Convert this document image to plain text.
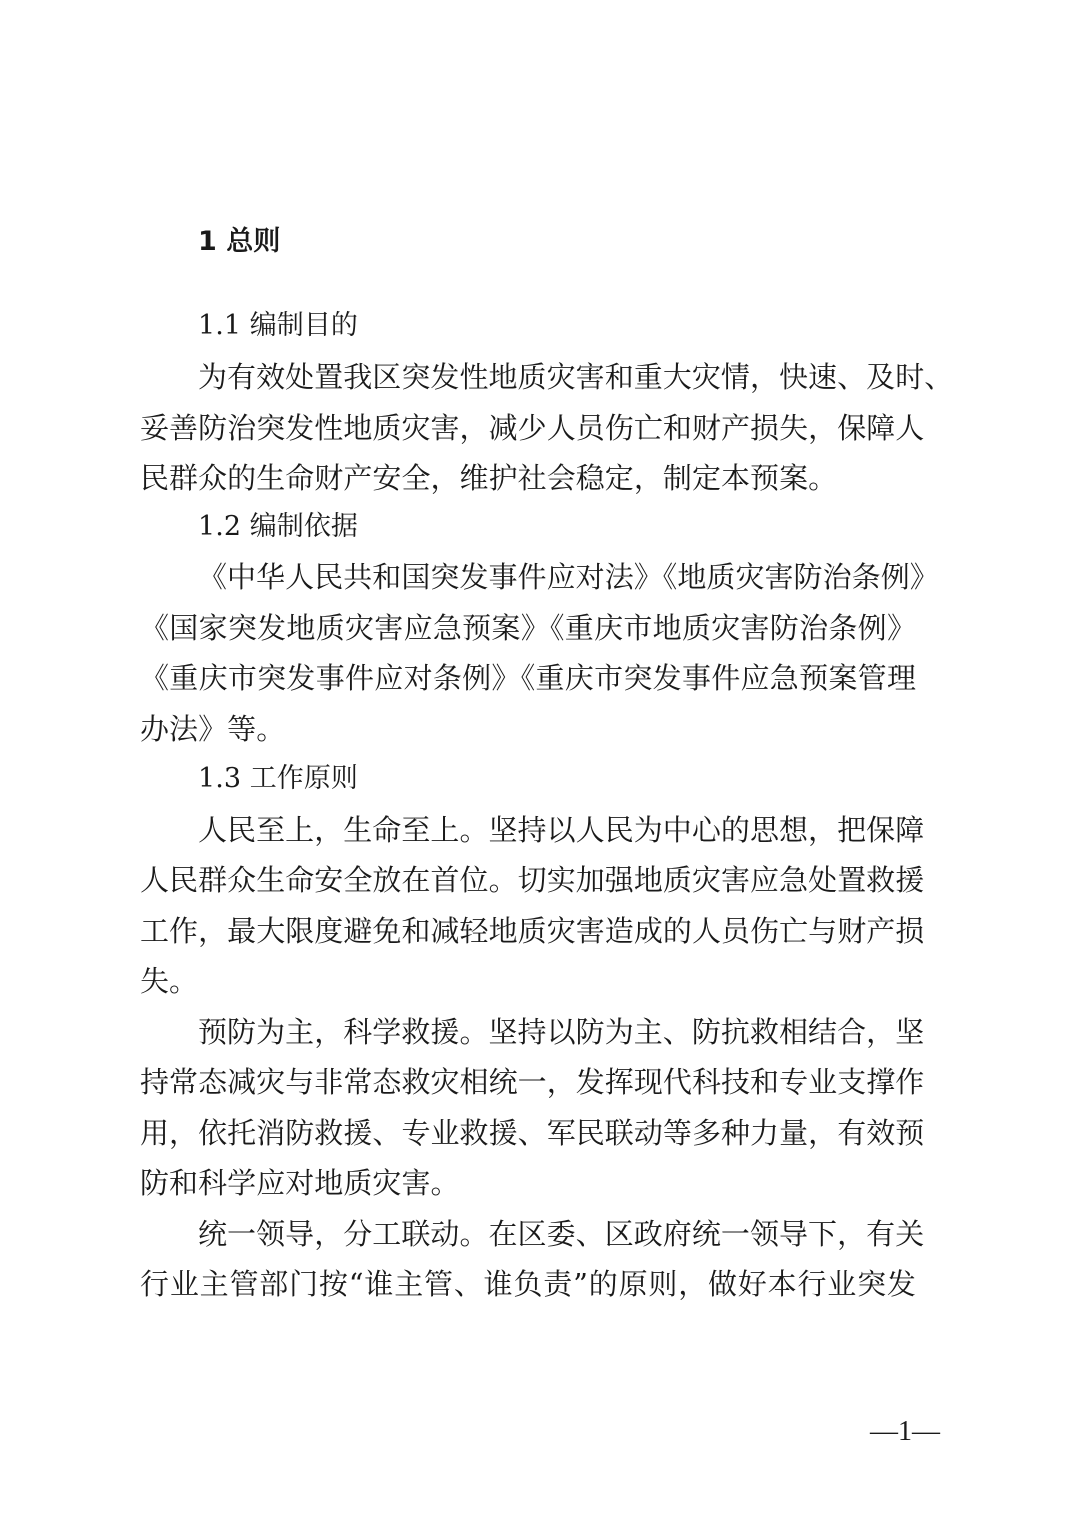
1 总则
1.1 编制目的
为有效处置我区突发性地质灾害和重大灾情，快速、及时、
妥善防治突发性地质灾害，减少人员伤亡和财产损失，保障人
民群众的生命财产安全，维护社会稳定，制定本预案。
1.2 编制依据
《中华人民共和国突发事件应对法》《地质灾害防治条例》
《国家突发地质灾害应急预案》《重庆市地质灾害防治条例》
《重庆市突发事件应对条例》《重庆市突发事件应急预案管理
办法》等。
1.3 工作原则
人民至上，生命至上。坚持以人民为中心的思想，把保障
人民群众生命安全放在首位。切实加强地质灾害应急处置救援
工作，最大限度避免和减轻地质灾害造成的人员伤亡与财产损
失。
预防为主，科学救援。坚持以防为主、防抗救相结合，坚
持常态减灾与非常态救灾相统一，发挥现代科技和专业支撑作
用，依托消防救援、专业救援、军民联动等多种力量，有效预
防和科学应对地质灾害。
统一领导，分工联动。在区委、区政府统一领导下，有关
行业主管部门按“谁主管、谁负责”的原则，做好本行业突发
—1—
